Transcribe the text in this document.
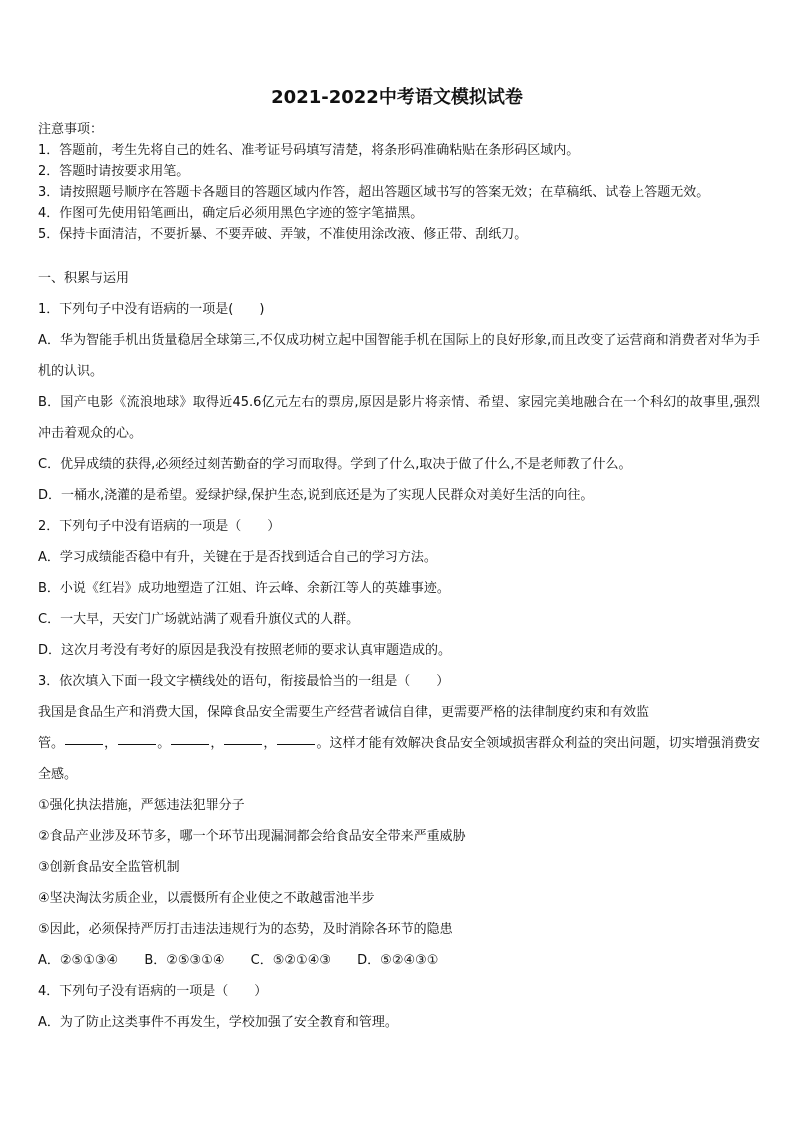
2021-2022中考语文模拟试卷
注意事项：
1．答题前，考生先将自己的姓名、准考证号码填写清楚，将条形码准确粘贴在条形码区域内。
2．答题时请按要求用笔。
3．请按照题号顺序在答题卡各题目的答题区域内作答，超出答题区域书写的答案无效；在草稿纸、试卷上答题无效。
4．作图可先使用铅笔画出，确定后必须用黑色字迹的签字笔描黑。
5．保持卡面清洁，不要折暴、不要弄破、弄皱，不准使用涂改液、修正带、刮纸刀。
一、积累与运用
1．下列句子中没有语病的一项是(　　)
A．华为智能手机出货量稳居全球第三,不仅成功树立起中国智能手机在国际上的良好形象,而且改变了运营商和消费者对华为手机的认识。
B．国产电影《流浪地球》取得近45.6亿元左右的票房,原因是影片将亲情、希望、家园完美地融合在一个科幻的故事里,强烈冲击着观众的心。
C．优异成绩的获得,必须经过刻苦勤奋的学习而取得。学到了什么,取决于做了什么,不是老师教了什么。
D．一桶水,浇灌的是希望。爱绿护绿,保护生态,说到底还是为了实现人民群众对美好生活的向往。
2．下列句子中没有语病的一项是（　　）
A．学习成绩能否稳中有升，关键在于是否找到适合自己的学习方法。
B．小说《红岩》成功地塑造了江姐、许云峰、余新江等人的英雄事迹。
C．一大早，天安门广场就站满了观看升旗仪式的人群。
D．这次月考没有考好的原因是我没有按照老师的要求认真审题造成的。
3．依次填入下面一段文字横线处的语句，衔接最恰当的一组是（　　）
我国是食品生产和消费大国，保障食品安全需要生产经营者诚信自律，更需要严格的法律制度约束和有效监
管。	，	。	，	，	。这样才能有效解决食品安全领域损害群众利益的突出问题，切实增强消费安全感。
①强化执法措施，严惩违法犯罪分子
②食品产业涉及环节多，哪一个环节出现漏洞都会给食品安全带来严重威胁
③创新食品安全监管机制
④坚决淘汰劣质企业，以震慑所有企业使之不敢越雷池半步
⑤因此，必须保持严厉打击违法违规行为的态势，及时消除各环节的隐患
A．②⑤①③④ B．②⑤③①④ C．⑤②①④③ D．⑤②④③①
4．下列句子没有语病的一项是（　　）
A．为了防止这类事件不再发生，学校加强了安全教育和管理。
